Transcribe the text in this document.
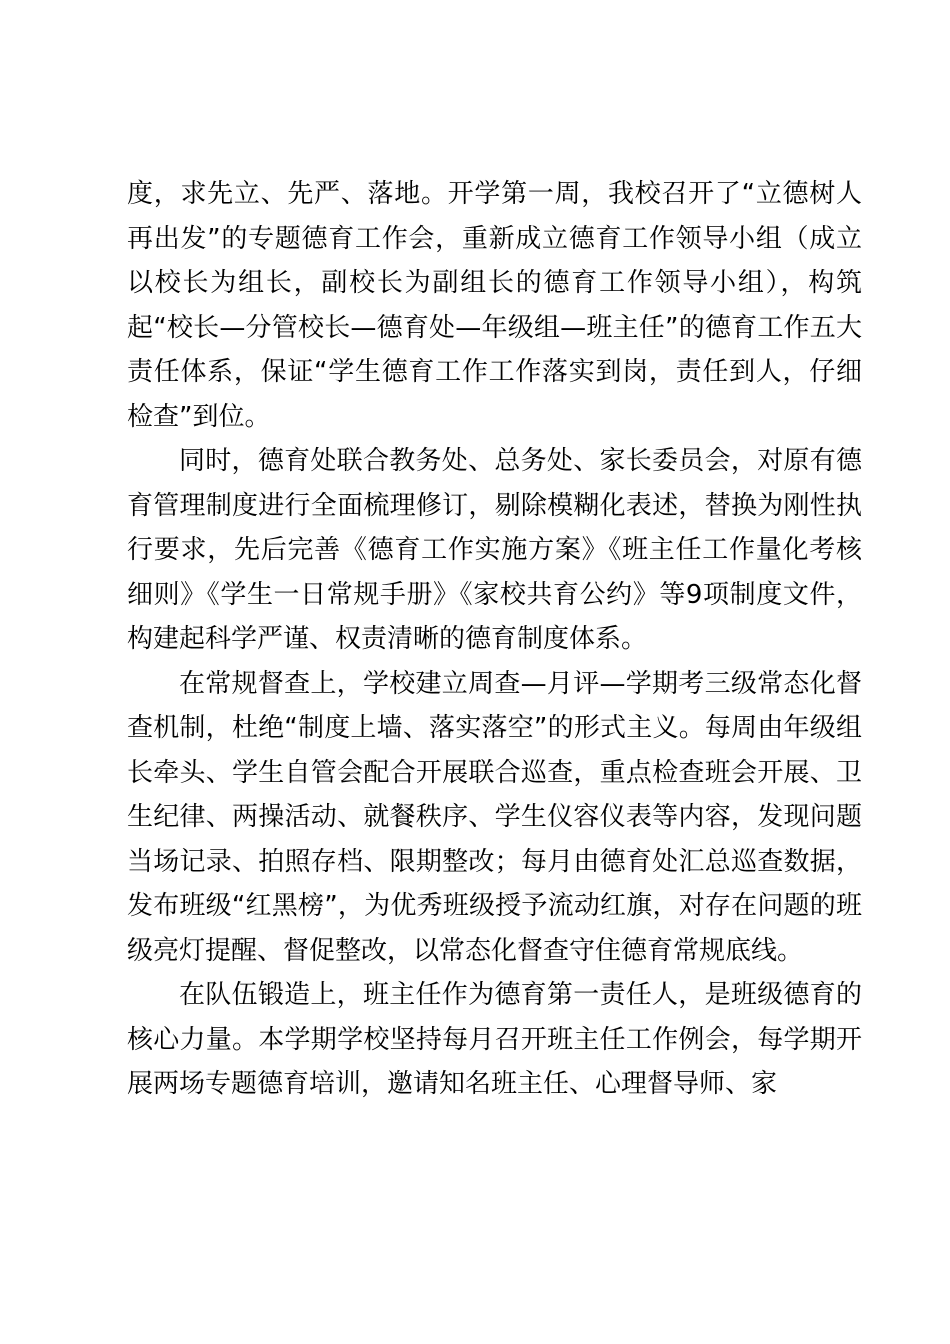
度，求先立、先严、落地。开学第一周，我校召开了“立德树人再出发”的专题德育工作会，重新成立德育工作领导小组（成立以校长为组长，副校长为副组长的德育工作领导小组），构筑起“校长—分管校长—德育处—年级组—班主任”的德育工作五大责任体系，保证“学生德育工作工作落实到岗，责任到人，仔细检查”到位。

同时，德育处联合教务处、总务处、家长委员会，对原有德育管理制度进行全面梳理修订，剔除模糊化表述，替换为刚性执行要求，先后完善《德育工作实施方案》《班主任工作量化考核细则》《学生一日常规手册》《家校共育公约》等9项制度文件，构建起科学严谨、权责清晰的德育制度体系。

在常规督查上，学校建立周查—月评—学期考三级常态化督查机制，杜绝“制度上墙、落实落空”的形式主义。每周由年级组长牵头、学生自管会配合开展联合巡查，重点检查班会开展、卫生纪律、两操活动、就餐秩序、学生仪容仪表等内容，发现问题当场记录、拍照存档、限期整改；每月由德育处汇总巡查数据，发布班级“红黑榜”，为优秀班级授予流动红旗，对存在问题的班级亮灯提醒、督促整改，以常态化督查守住德育常规底线。

在队伍锻造上，班主任作为德育第一责任人，是班级德育的核心力量。本学期学校坚持每月召开班主任工作例会，每学期开展两场专题德育培训，邀请知名班主任、心理督导师、家
